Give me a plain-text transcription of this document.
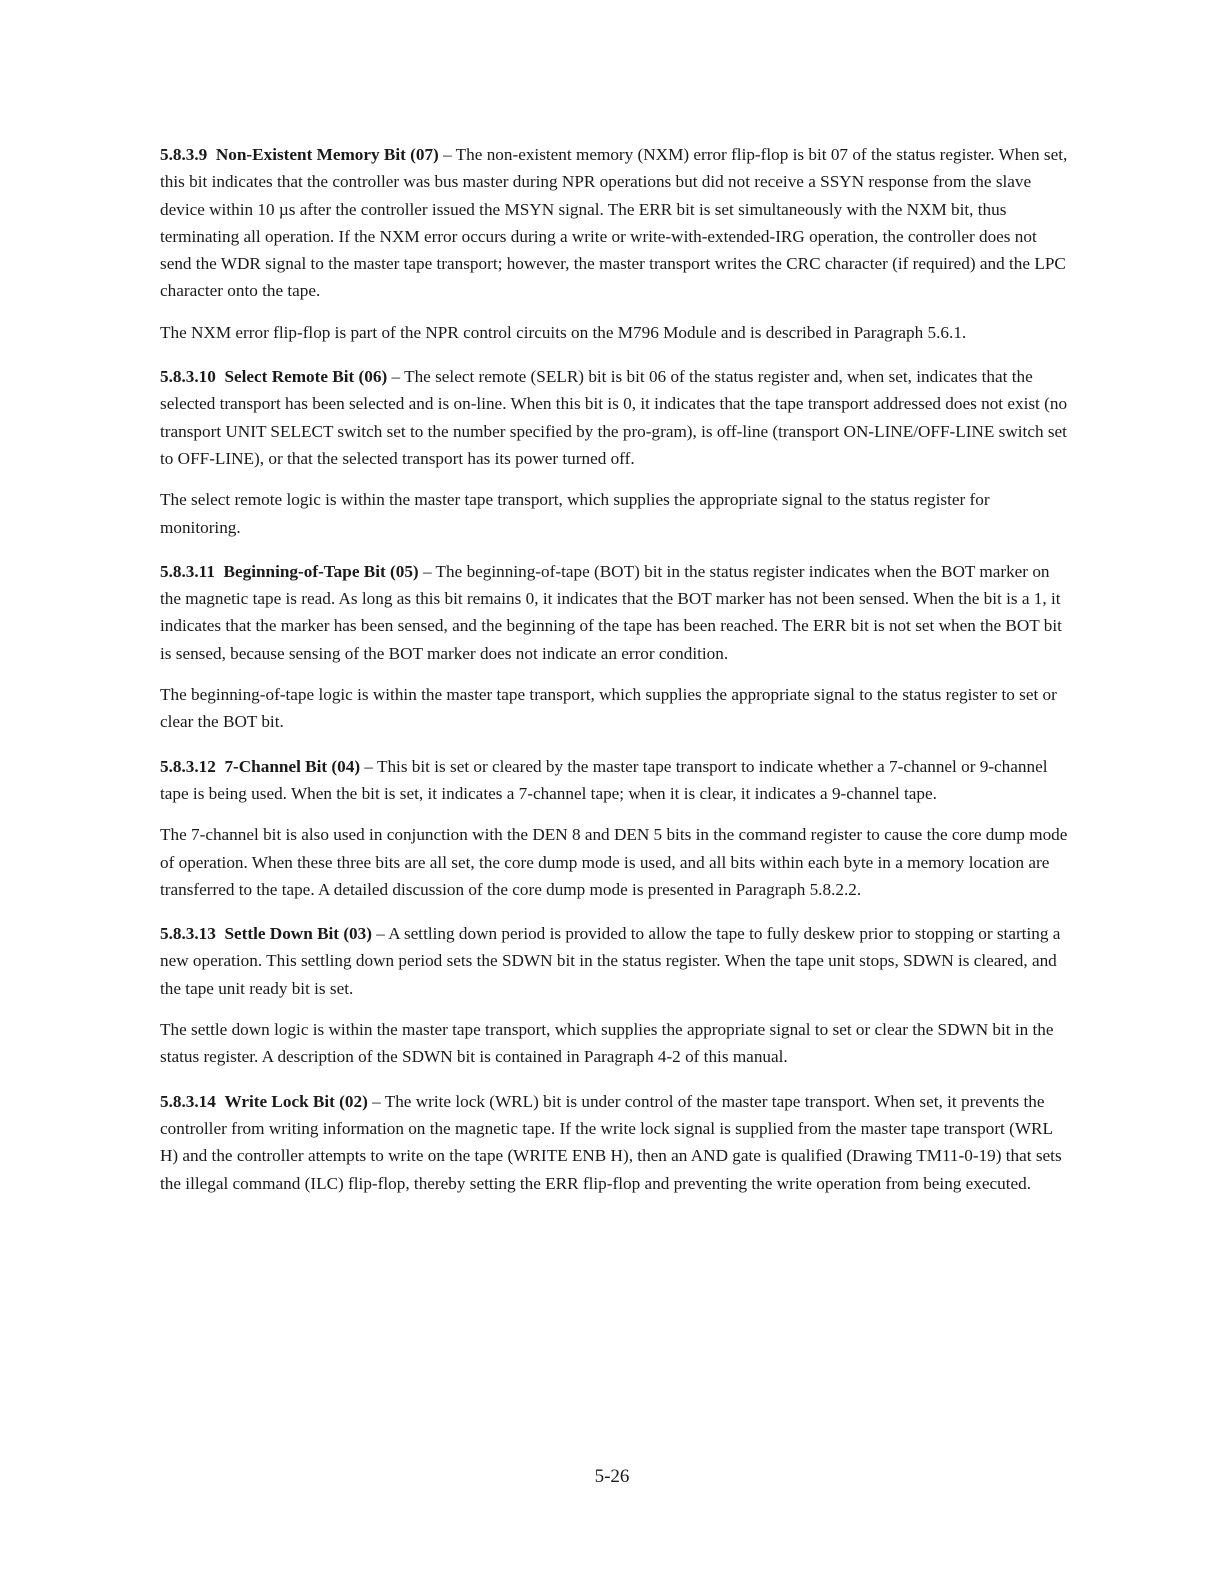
5.8.3.9 Non-Existent Memory Bit (07) – The non-existent memory (NXM) error flip-flop is bit 07 of the status register. When set, this bit indicates that the controller was bus master during NPR operations but did not receive a SSYN response from the slave device within 10 µs after the controller issued the MSYN signal. The ERR bit is set simultaneously with the NXM bit, thus terminating all operation. If the NXM error occurs during a write or write-with-extended-IRG operation, the controller does not send the WDR signal to the master tape transport; however, the master transport writes the CRC character (if required) and the LPC character onto the tape.

The NXM error flip-flop is part of the NPR control circuits on the M796 Module and is described in Paragraph 5.6.1.

5.8.3.10 Select Remote Bit (06) – The select remote (SELR) bit is bit 06 of the status register and, when set, indicates that the selected transport has been selected and is on-line. When this bit is 0, it indicates that the tape transport addressed does not exist (no transport UNIT SELECT switch set to the number specified by the pro-gram), is off-line (transport ON-LINE/OFF-LINE switch set to OFF-LINE), or that the selected transport has its power turned off.

The select remote logic is within the master tape transport, which supplies the appropriate signal to the status register for monitoring.

5.8.3.11 Beginning-of-Tape Bit (05) – The beginning-of-tape (BOT) bit in the status register indicates when the BOT marker on the magnetic tape is read. As long as this bit remains 0, it indicates that the BOT marker has not been sensed. When the bit is a 1, it indicates that the marker has been sensed, and the beginning of the tape has been reached. The ERR bit is not set when the BOT bit is sensed, because sensing of the BOT marker does not indicate an error condition.

The beginning-of-tape logic is within the master tape transport, which supplies the appropriate signal to the status register to set or clear the BOT bit.

5.8.3.12 7-Channel Bit (04) – This bit is set or cleared by the master tape transport to indicate whether a 7-channel or 9-channel tape is being used. When the bit is set, it indicates a 7-channel tape; when it is clear, it indicates a 9-channel tape.

The 7-channel bit is also used in conjunction with the DEN 8 and DEN 5 bits in the command register to cause the core dump mode of operation. When these three bits are all set, the core dump mode is used, and all bits within each byte in a memory location are transferred to the tape. A detailed discussion of the core dump mode is presented in Paragraph 5.8.2.2.

5.8.3.13 Settle Down Bit (03) – A settling down period is provided to allow the tape to fully deskew prior to stopping or starting a new operation. This settling down period sets the SDWN bit in the status register. When the tape unit stops, SDWN is cleared, and the tape unit ready bit is set.

The settle down logic is within the master tape transport, which supplies the appropriate signal to set or clear the SDWN bit in the status register. A description of the SDWN bit is contained in Paragraph 4-2 of this manual.

5.8.3.14 Write Lock Bit (02) – The write lock (WRL) bit is under control of the master tape transport. When set, it prevents the controller from writing information on the magnetic tape. If the write lock signal is supplied from the master tape transport (WRL H) and the controller attempts to write on the tape (WRITE ENB H), then an AND gate is qualified (Drawing TM11-0-19) that sets the illegal command (ILC) flip-flop, thereby setting the ERR flip-flop and preventing the write operation from being executed.

5-26
